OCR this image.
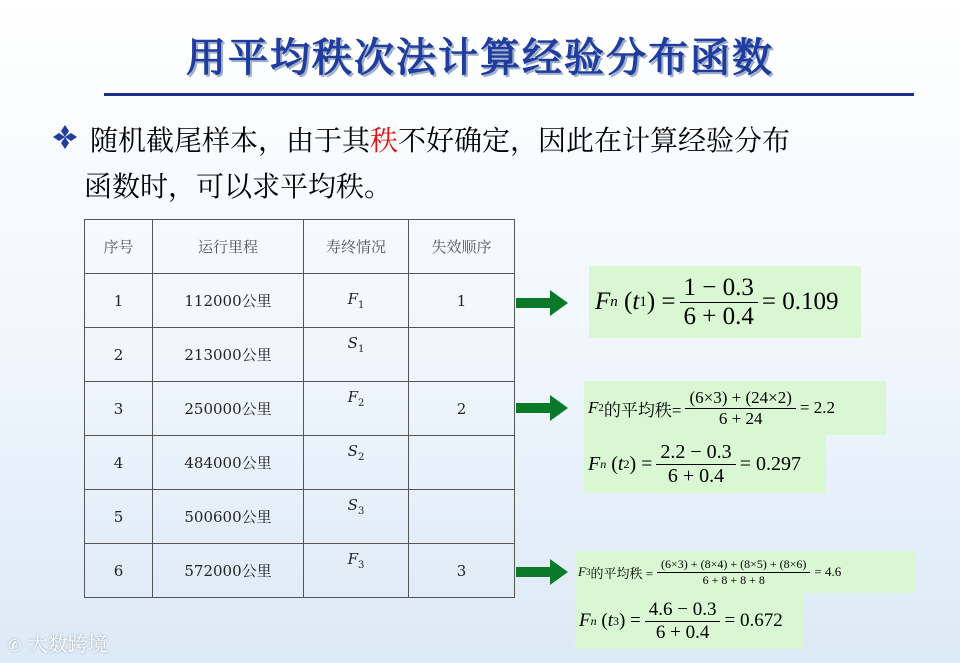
用平均秩次法计算经验分布函数
随机截尾样本，由于其秩不好确定，因此在计算经验分布
函数时，可以求平均秩。
序号	运行里程	寿终情况	失效顺序
1	112000公里	$F_1$	1
2	213000公里	$S_1$	
3	250000公里	$F_2$	2
4	484000公里	$S_2$	
5	500600公里	$S_3$	
6	572000公里	$F_3$	3
F n ( t 1 ) = $\frac{1 - 0.3}{6 + 0.4} = 0.109$
F 2 的平均秩= $\frac{(6\times 3) + (24\times 2)}{6 + 24} = 2.2$
F n ( t 2 ) = $\frac{2.2 - 0.3}{6 + 0.4} = 0.297$
F 3 的平均秩 = $\frac{(6\times 3) + (8\times 4) + (8\times 5) + (8\times 6)}{6 + 8 + 8 + 8} = 4.6$
F n ( t 3 ) = $\frac{4.6 - 0.3}{6 + 0.4} = 0.672$
✆ 大数跨境
